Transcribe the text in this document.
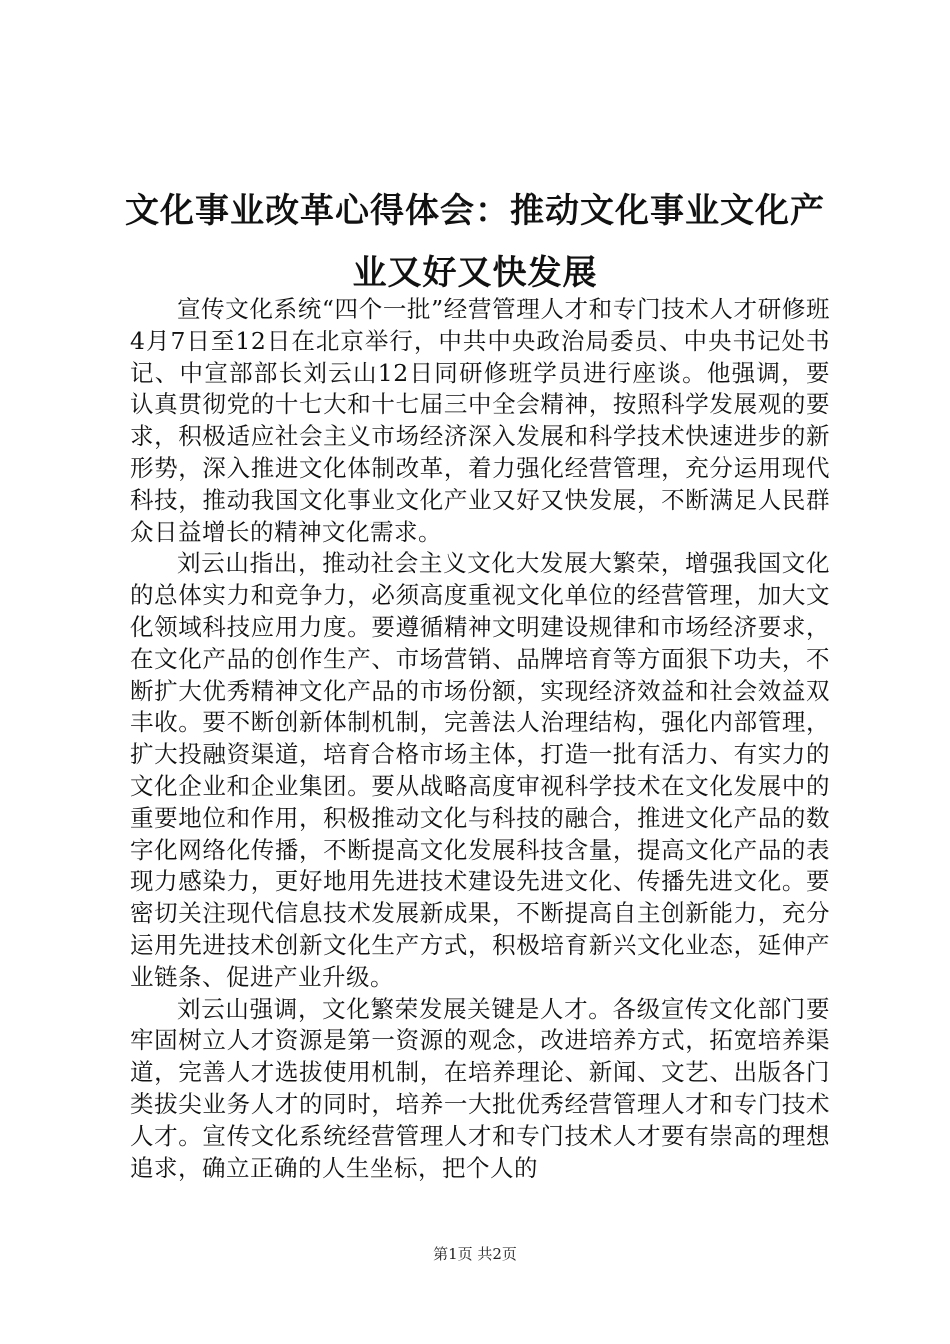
文化事业改革心得体会：推动文化事业文化产业又好又快发展

宣传文化系统“四个一批”经营管理人才和专门技术人才研修班4月7日至12日在北京举行，中共中央政治局委员、中央书记处书记、中宣部部长刘云山12日同研修班学员进行座谈。他强调，要认真贯彻党的十七大和十七届三中全会精神，按照科学发展观的要求，积极适应社会主义市场经济深入发展和科学技术快速进步的新形势，深入推进文化体制改革，着力强化经营管理，充分运用现代科技，推动我国文化事业文化产业又好又快发展，不断满足人民群众日益增长的精神文化需求。

刘云山指出，推动社会主义文化大发展大繁荣，增强我国文化的总体实力和竞争力，必须高度重视文化单位的经营管理，加大文化领域科技应用力度。要遵循精神文明建设规律和市场经济要求，在文化产品的创作生产、市场营销、品牌培育等方面狠下功夫，不断扩大优秀精神文化产品的市场份额，实现经济效益和社会效益双丰收。要不断创新体制机制，完善法人治理结构，强化内部管理，扩大投融资渠道，培育合格市场主体，打造一批有活力、有实力的文化企业和企业集团。要从战略高度审视科学技术在文化发展中的重要地位和作用，积极推动文化与科技的融合，推进文化产品的数字化网络化传播，不断提高文化发展科技含量，提高文化产品的表现力感染力，更好地用先进技术建设先进文化、传播先进文化。要密切关注现代信息技术发展新成果，不断提高自主创新能力，充分运用先进技术创新文化生产方式，积极培育新兴文化业态，延伸产业链条、促进产业升级。

刘云山强调，文化繁荣发展关键是人才。各级宣传文化部门要牢固树立人才资源是第一资源的观念，改进培养方式，拓宽培养渠道，完善人才选拔使用机制，在培养理论、新闻、文艺、出版各门类拔尖业务人才的同时，培养一大批优秀经营管理人才和专门技术人才。宣传文化系统经营管理人才和专门技术人才要有崇高的理想追求，确立正确的人生坐标，把个人的

第1页 共2页
